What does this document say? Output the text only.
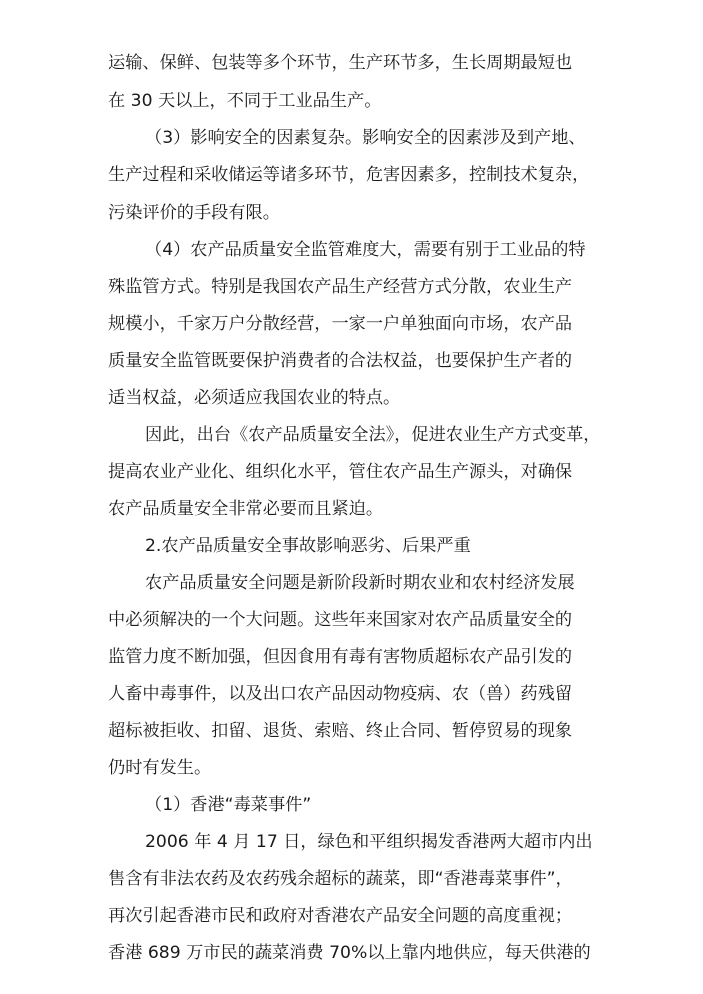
运输、保鲜、包装等多个环节，生产环节多，生长周期最短也
在 30 天以上，不同于工业品生产。
（3）影响安全的因素复杂。影响安全的因素涉及到产地、
生产过程和采收储运等诸多环节，危害因素多，控制技术复杂，
污染评价的手段有限。
（4）农产品质量安全监管难度大，需要有别于工业品的特
殊监管方式。特别是我国农产品生产经营方式分散，农业生产
规模小，千家万户分散经营，一家一户单独面向市场，农产品
质量安全监管既要保护消费者的合法权益，也要保护生产者的
适当权益，必须适应我国农业的特点。
因此，出台《农产品质量安全法》，促进农业生产方式变革，
提高农业产业化、组织化水平，管住农产品生产源头，对确保
农产品质量安全非常必要而且紧迫。
2.农产品质量安全事故影响恶劣、后果严重
农产品质量安全问题是新阶段新时期农业和农村经济发展
中必须解决的一个大问题。这些年来国家对农产品质量安全的
监管力度不断加强，但因食用有毒有害物质超标农产品引发的
人畜中毒事件，以及出口农产品因动物疫病、农（兽）药残留
超标被拒收、扣留、退货、索赔、终止合同、暂停贸易的现象
仍时有发生。
（1）香港“毒菜事件”
2006 年 4 月 17 日，绿色和平组织揭发香港两大超市内出
售含有非法农药及农药残余超标的蔬菜，即“香港毒菜事件”，
再次引起香港市民和政府对香港农产品安全问题的高度重视；
香港 689 万市民的蔬菜消费 70%以上靠内地供应，每天供港的
